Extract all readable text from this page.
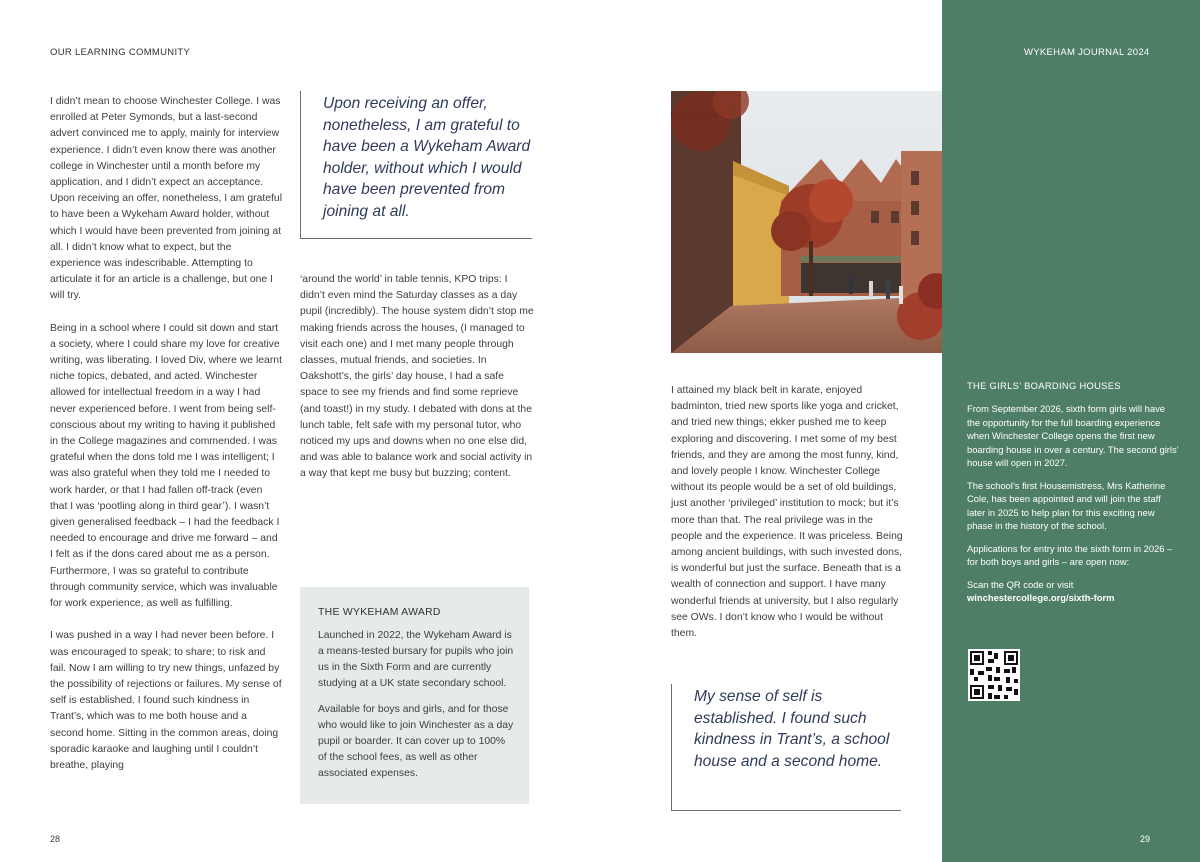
OUR LEARNING COMMUNITY	WYKEHAM JOURNAL 2024

I didn’t mean to choose Winchester College. I was enrolled at Peter Symonds, but a last-second advert convinced me to apply, mainly for interview experience. I didn’t even know there was another college in Winchester until a month before my application, and I didn’t expect an acceptance. Upon receiving an offer, nonetheless, I am grateful to have been a Wykeham Award holder, without which I would have been prevented from joining at all. I didn’t know what to expect, but the experience was indescribable. Attempting to articulate it for an article is a challenge, but one I will try.

Being in a school where I could sit down and start a society, where I could share my love for creative writing, was liberating. I loved Div, where we learnt niche topics, debated, and acted. Winchester allowed for intellectual freedom in a way I had never experienced before. I went from being self-conscious about my writing to having it published in the College magazines and commended. I was grateful when the dons told me I was intelligent; I was also grateful when they told me I needed to work harder, or that I had fallen off-track (even that I was ‘pootling along in third gear’). I wasn’t given generalised feedback – I had the feedback I needed to encourage and drive me forward – and I felt as if the dons cared about me as a person. Furthermore, I was so grateful to contribute through community service, which was invaluable for work experience, as well as fulfilling.

I was pushed in a way I had never been before. I was encouraged to speak; to share; to risk and fail. Now I am willing to try new things, unfazed by the possibility of rejections or failures. My sense of self is established. I found such kindness in Trant’s, which was to me both house and a second home. Sitting in the common areas, doing sporadic karaoke and laughing until I couldn’t breathe, playing

Upon receiving an offer, nonetheless, I am grateful to have been a Wykeham Award holder, without which I would have been prevented from joining at all.

‘around the world’ in table tennis, KPO trips: I didn’t even mind the Saturday classes as a day pupil (incredibly). The house system didn’t stop me making friends across the houses, (I managed to visit each one) and I met many people through classes, mutual friends, and societies. In Oakshott’s, the girls’ day house, I had a safe space to see my friends and find some reprieve (and toast!) in my study. I debated with dons at the lunch table, felt safe with my personal tutor, who noticed my ups and downs when no one else did, and was able to balance work and social activity in a way that kept me busy but buzzing; content.

THE WYKEHAM AWARD

Launched in 2022, the Wykeham Award is a means-tested bursary for pupils who join us in the Sixth Form and are currently studying at a UK state secondary school.

Available for boys and girls, and for those who would like to join Winchester as a day pupil or boarder. It can cover up to 100% of the school fees, as well as other associated expenses.

I attained my black belt in karate, enjoyed badminton, tried new sports like yoga and cricket, and tried new things; ekker pushed me to keep exploring and discovering. I met some of my best friends, and they are among the most funny, kind, and lovely people I know. Winchester College without its people would be a set of old buildings, just another ‘privileged’ institution to mock; but it’s more than that. The real privilege was in the people and the experience. It was priceless. Being among ancient buildings, with such invested dons, is wonderful but just the surface. Beneath that is a wealth of connection and support. I have many wonderful friends at university, but I also regularly see OWs. I don’t know who I would be without them.

My sense of self is established. I found such kindness in Trant’s, a school house and a second home.
THE GIRLS’ BOARDING HOUSES

From September 2026, sixth form girls will have the opportunity for the full boarding experience when Winchester College opens the first new boarding house in over a century. The second girls’ house will open in 2027.

The school’s first Housemistress, Mrs Katherine Cole, has been appointed and will join the staff later in 2025 to help plan for this exciting new phase in the history of the school.

Applications for entry into the sixth form in 2026 – for both boys and girls – are open now:

Scan the QR code or visit
winchestercollege.org/sixth-form

28	29
